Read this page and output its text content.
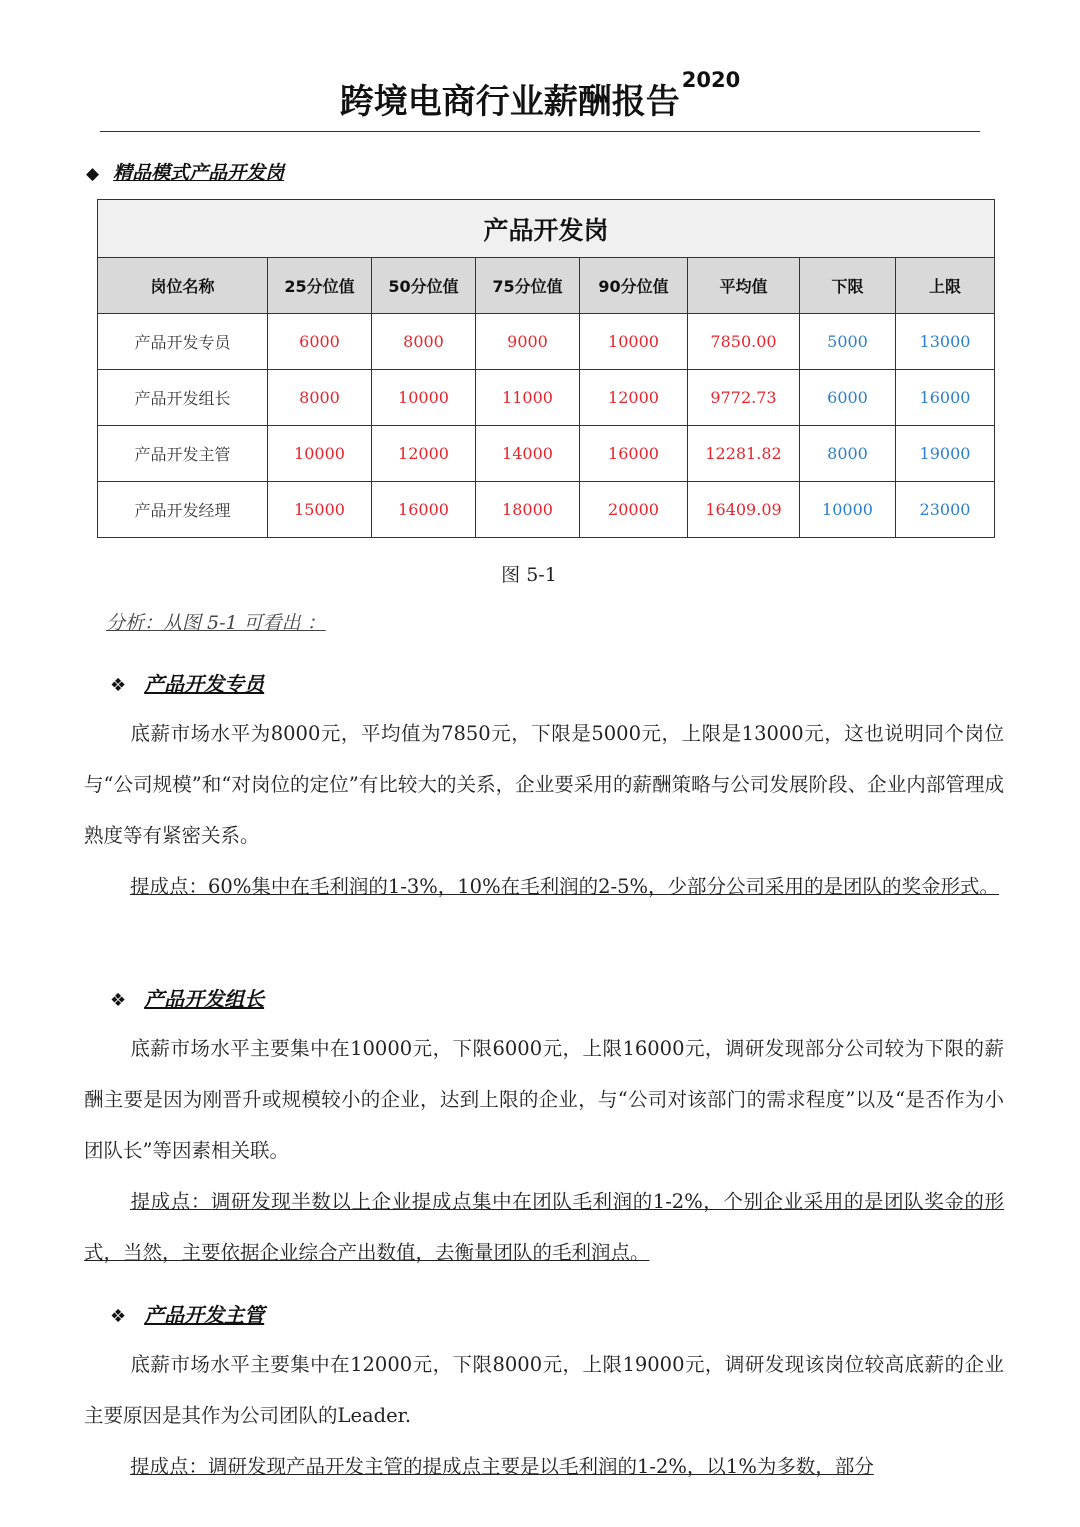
跨境电商行业薪酬报告$^{2020}$
◆ 精品模式产品开发岗
产品开发岗							
岗位名称	25分位值	50分位值	75分位值	90分位值	平均值	下限	上限
产品开发专员	6000	8000	9000	10000	7850.00	5000	13000
产品开发组长	8000	10000	11000	12000	9772.73	6000	16000
产品开发主管	10000	12000	14000	16000	12281.82	8000	19000
产品开发经理	15000	16000	18000	20000	16409.09	10000	23000
图 5-1
分析：从图 5-1 可看出 ：
❖ 产品开发专员
底薪市场水平为8000元，平均值为7850元，下限是5000元，上限是13000元，这也说明同个岗位与“公司规模”和“对岗位的定位”有比较大的关系，企业要采用的薪酬策略与公司发展阶段、企业内部管理成熟度等有紧密关系。
提成点：60%集中在毛利润的1-3%，10%在毛利润的2-5%，少部分公司采用的是团队的奖金形式。
❖ 产品开发组长
底薪市场水平主要集中在10000元，下限6000元，上限16000元，调研发现部分公司较为下限的薪酬主要是因为刚晋升或规模较小的企业，达到上限的企业，与“公司对该部门的需求程度”以及“是否作为小团队长”等因素相关联。
提成点：调研发现半数以上企业提成点集中在团队毛利润的1-2%，个别企业采用的是团队奖金的形式，当然，主要依据企业综合产出数值，去衡量团队的毛利润点。
❖ 产品开发主管
底薪市场水平主要集中在12000元，下限8000元，上限19000元，调研发现该岗位较高底薪的企业主要原因是其作为公司团队的Leader.
提成点：调研发现产品开发主管的提成点主要是以毛利润的1-2%，以1%为多数，部分
